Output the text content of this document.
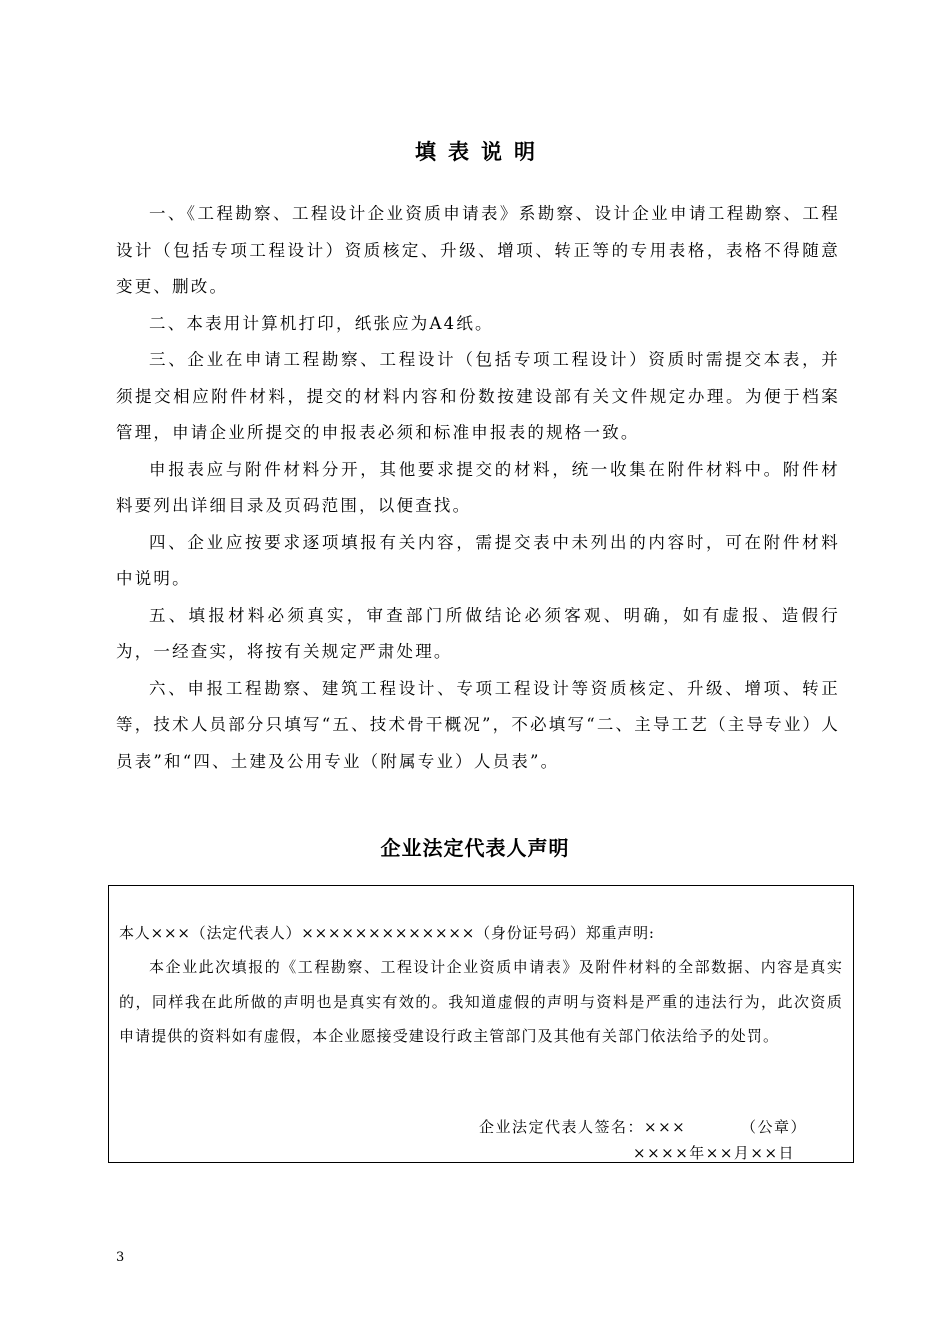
填表说明

一、《工程勘察、工程设计企业资质申请表》系勘察、设计企业申请工程勘察、工程设计（包括专项工程设计）资质核定、升级、增项、转正等的专用表格，表格不得随意变更、删改。

二、本表用计算机打印，纸张应为A4纸。

三、企业在申请工程勘察、工程设计（包括专项工程设计）资质时需提交本表，并须提交相应附件材料，提交的材料内容和份数按建设部有关文件规定办理。为便于档案管理，申请企业所提交的申报表必须和标准申报表的规格一致。

申报表应与附件材料分开，其他要求提交的材料，统一收集在附件材料中。附件材料要列出详细目录及页码范围，以便查找。

四、企业应按要求逐项填报有关内容，需提交表中未列出的内容时，可在附件材料中说明。

五、填报材料必须真实，审查部门所做结论必须客观、明确，如有虚报、造假行为，一经查实，将按有关规定严肃处理。

六、申报工程勘察、建筑工程设计、专项工程设计等资质核定、升级、增项、转正等，技术人员部分只填写“五、技术骨干概况”，不必填写“二、主导工艺（主导专业）人员表”和“四、土建及公用专业（附属专业）人员表”。

企业法定代表人声明
本人×××（法定代表人）×××××××××××××（身份证号码）郑重声明:
本企业此次填报的《工程勘察、工程设计企业资质申请表》及附件材料的全部数据、内容是真实的，同样我在此所做的声明也是真实有效的。我知道虚假的声明与资料是严重的违法行为，此次资质申请提供的资料如有虚假，本企业愿接受建设行政主管部门及其他有关部门依法给予的处罚。
企业法定代表人签名：×××	（公章）
××××年××月××日
3
